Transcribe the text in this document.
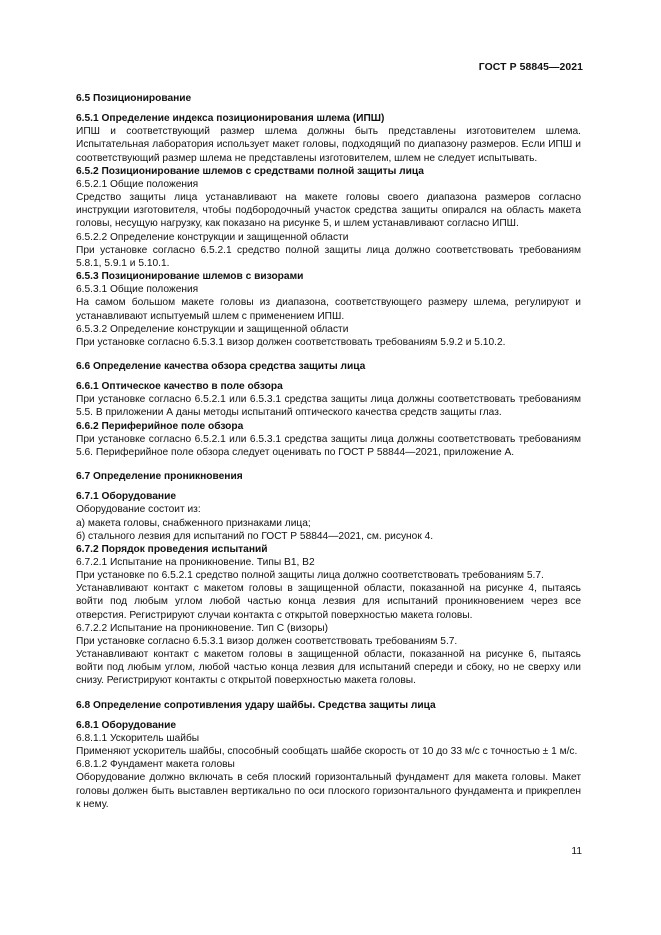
ГОСТ Р 58845—2021

6.5 Позиционирование

6.5.1 Определение индекса позиционирования шлема (ИПШ)

ИПШ и соответствующий размер шлема должны быть представлены изготовителем шлема. Испытательная лаборатория использует макет головы, подходящий по диапазону размеров. Если ИПШ и соответствующий размер шлема не представлены изготовителем, шлем не следует испытывать.

6.5.2 Позиционирование шлемов с средствами полной защиты лица

6.5.2.1 Общие положения

Средство защиты лица устанавливают на макете головы своего диапазона размеров согласно инструкции изготовителя, чтобы подбородочный участок средства защиты опирался на область макета головы, несущую нагрузку, как показано на рисунке 5, и шлем устанавливают согласно ИПШ.

6.5.2.2 Определение конструкции и защищенной области

При установке согласно 6.5.2.1 средство полной защиты лица должно соответствовать требованиям 5.8.1, 5.9.1 и 5.10.1.

6.5.3 Позиционирование шлемов с визорами

6.5.3.1 Общие положения

На самом большом макете головы из диапазона, соответствующего размеру шлема, регулируют и устанавливают испытуемый шлем с применением ИПШ.

6.5.3.2 Определение конструкции и защищенной области

При установке согласно 6.5.3.1 визор должен соответствовать требованиям 5.9.2 и 5.10.2.

6.6 Определение качества обзора средства защиты лица

6.6.1 Оптическое качество в поле обзора

При установке согласно 6.5.2.1 или 6.5.3.1 средства защиты лица должны соответствовать требованиям 5.5. В приложении А даны методы испытаний оптического качества средств защиты глаз.

6.6.2 Периферийное поле обзора

При установке согласно 6.5.2.1 или 6.5.3.1 средства защиты лица должны соответствовать требованиям 5.6. Периферийное поле обзора следует оценивать по ГОСТ Р 58844—2021, приложение А.

6.7 Определение проникновения

6.7.1 Оборудование

Оборудование состоит из:

а) макета головы, снабженного признаками лица;

б) стального лезвия для испытаний по ГОСТ Р 58844—2021, см. рисунок 4.

6.7.2 Порядок проведения испытаний

6.7.2.1 Испытание на проникновение. Типы В1, В2

При установке по 6.5.2.1 средство полной защиты лица должно соответствовать требованиям 5.7.

Устанавливают контакт с макетом головы в защищенной области, показанной на рисунке 4, пытаясь войти под любым углом любой частью конца лезвия для испытаний проникновением через все отверстия. Регистрируют случаи контакта с открытой поверхностью макета головы.

6.7.2.2 Испытание на проникновение. Тип С (визоры)

При установке согласно 6.5.3.1 визор должен соответствовать требованиям 5.7.

Устанавливают контакт с макетом головы в защищенной области, показанной на рисунке 6, пытаясь войти под любым углом, любой частью конца лезвия для испытаний спереди и сбоку, но не сверху или снизу. Регистрируют контакты с открытой поверхностью макета головы.

6.8 Определение сопротивления удару шайбы. Средства защиты лица

6.8.1 Оборудование

6.8.1.1 Ускоритель шайбы

Применяют ускоритель шайбы, способный сообщать шайбе скорость от 10 до 33 м/с с точностью ± 1 м/с.

6.8.1.2 Фундамент макета головы

Оборудование должно включать в себя плоский горизонтальный фундамент для макета головы. Макет головы должен быть выставлен вертикально по оси плоского горизонтального фундамента и прикреплен к нему.

11
